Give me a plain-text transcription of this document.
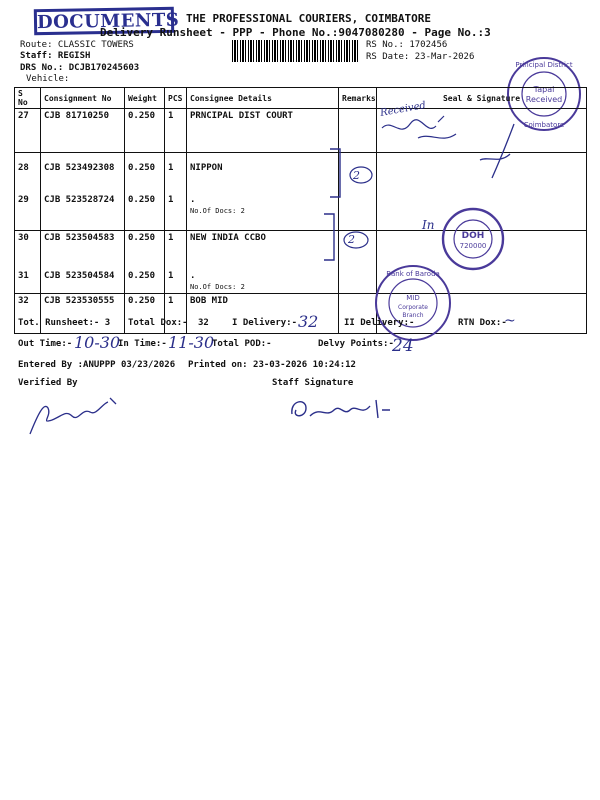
DOCUMENTS THE PROFESSIONAL COURIERS, COIMBATORE
Delivery Runsheet - PPP - Phone No.:9047080280 - Page No.:3
Route: CLASSIC TOWERS
Staff: REGISH
DRS No.: DCJB170245603
Vehicle:
RS No.: 1702456
RS Date: 23-Mar-2026
Principal District
Tapal
Received
Coimbatore
S No	Consignment No	Weight	PCS	Consignee Details	Remarks	Seal & Signature
27	CJB 81710250	0.250	1	PRNCIPAL DIST COURT		
28	CJB 523492308	0.250	1	NIPPON		
29	CJB 523528724	0.250	1	.
No.Of Docs: 2		

30	CJB 523504583	0.250	1	NEW INDIA CCBO		
31	CJB 523504584	0.250	1	.
No.Of Docs: 2		

32	CJB 523530555	0.250	1	BOB MID		
Received
2
2
In
DOH
720000
Bank of Baroda
MID
Corporate
Branch
Tot. Runsheet:- 3 Total Dox:- 32	I Delivery:- 32	II Delivery:-	RTN Dox:-
~
Out Time:- 10-30
In Time:- 11-30
Total POD:-	Delvy Points:-
24
Entered By :ANUPPP 03/23/2026 Printed on: 23-03-2026 10:24:12
Verified By	Staff Signature
